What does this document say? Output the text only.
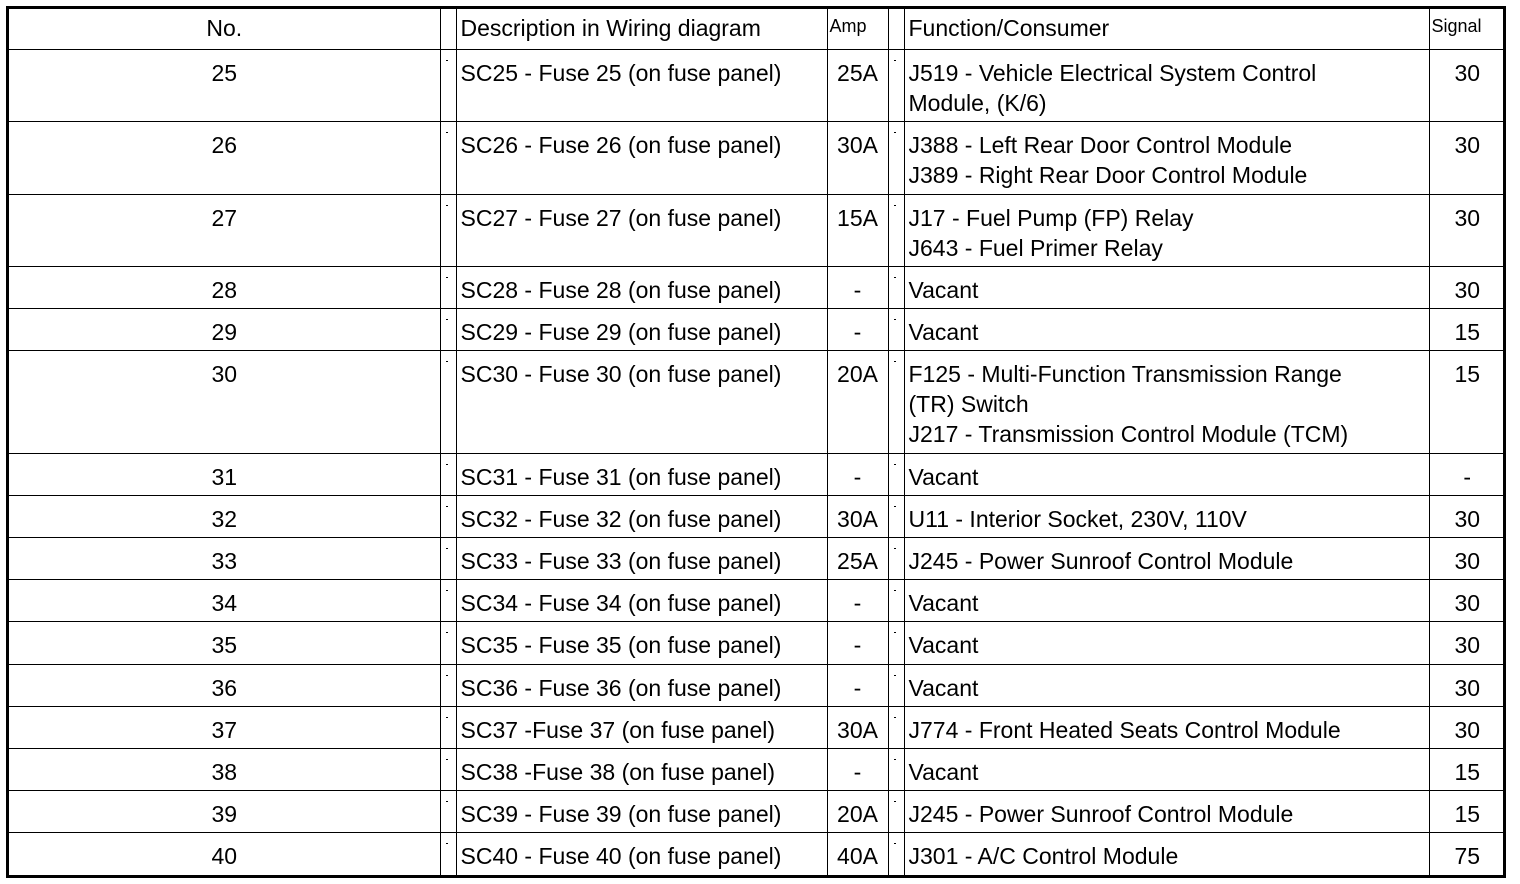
No.		Description in Wiring diagram	Amp		Function/Consumer	Signal
25		SC25 - Fuse 25 (on fuse panel)	25A		J519 - Vehicle Electrical System Control
Module, (K/6)	30
26		SC26 - Fuse 26 (on fuse panel)	30A		J388 - Left Rear Door Control Module
J389 - Right Rear Door Control Module	30
27		SC27 - Fuse 27 (on fuse panel)	15A		J17 - Fuel Pump (FP) Relay
J643 - Fuel Primer Relay	30
28		SC28 - Fuse 28 (on fuse panel)	-		Vacant	30
29		SC29 - Fuse 29 (on fuse panel)	-		Vacant	15
30		SC30 - Fuse 30 (on fuse panel)	20A		F125 - Multi-Function Transmission Range
(TR) Switch
J217 - Transmission Control Module (TCM)	15
31		SC31 - Fuse 31 (on fuse panel)	-		Vacant	-
32		SC32 - Fuse 32 (on fuse panel)	30A		U11 - Interior Socket, 230V, 110V	30
33		SC33 - Fuse 33 (on fuse panel)	25A		J245 - Power Sunroof Control Module	30
34		SC34 - Fuse 34 (on fuse panel)	-		Vacant	30
35		SC35 - Fuse 35 (on fuse panel)	-		Vacant	30
36		SC36 - Fuse 36 (on fuse panel)	-		Vacant	30
37		SC37 -Fuse 37 (on fuse panel)	30A		J774 - Front Heated Seats Control Module	30
38		SC38 -Fuse 38 (on fuse panel)	-		Vacant	15
39		SC39 - Fuse 39 (on fuse panel)	20A		J245 - Power Sunroof Control Module	15
40		SC40 - Fuse 40 (on fuse panel)	40A		J301 - A/C Control Module	75
